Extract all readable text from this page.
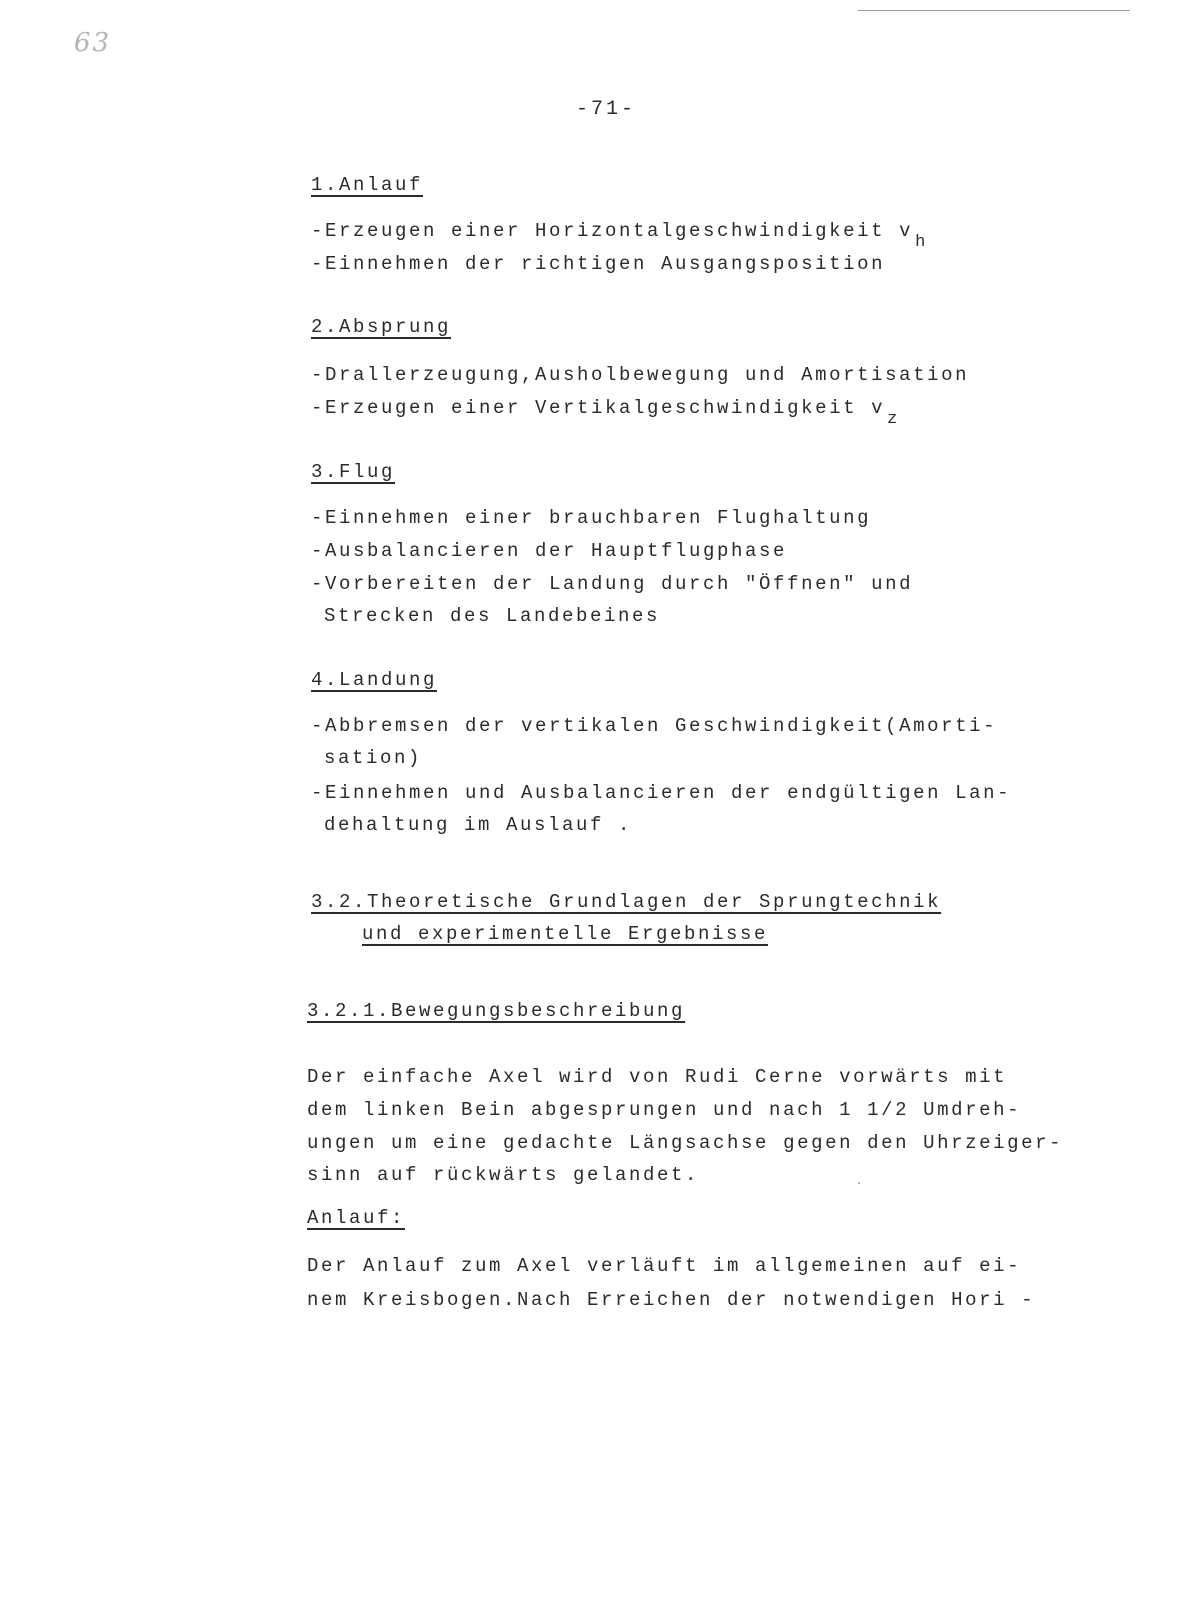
63
-71-
1.Anlauf
-Erzeugen einer Horizontalgeschwindigkeit vh
-Einnehmen der richtigen Ausgangsposition
2.Absprung
-Drallerzeugung,Ausholbewegung und Amortisation
-Erzeugen einer Vertikalgeschwindigkeit vz
3.Flug
-Einnehmen einer brauchbaren Flughaltung
-Ausbalancieren der Hauptflugphase
-Vorbereiten der Landung durch "Öffnen" und
Strecken des Landebeines
4.Landung
-Abbremsen der vertikalen Geschwindigkeit(Amorti-
sation)
-Einnehmen und Ausbalancieren der endgültigen Lan-
dehaltung im Auslauf .
3.2.Theoretische Grundlagen der Sprungtechnik
und experimentelle Ergebnisse
3.2.1.Bewegungsbeschreibung
Der einfache Axel wird von Rudi Cerne vorwärts mit
dem linken Bein abgesprungen und nach 1 1/2 Umdreh-
ungen um eine gedachte Längsachse gegen den Uhrzeiger-
sinn auf rückwärts gelandet.
Anlauf:
Der Anlauf zum Axel verläuft im allgemeinen auf ei-
nem Kreisbogen.Nach Erreichen der notwendigen Hori -
